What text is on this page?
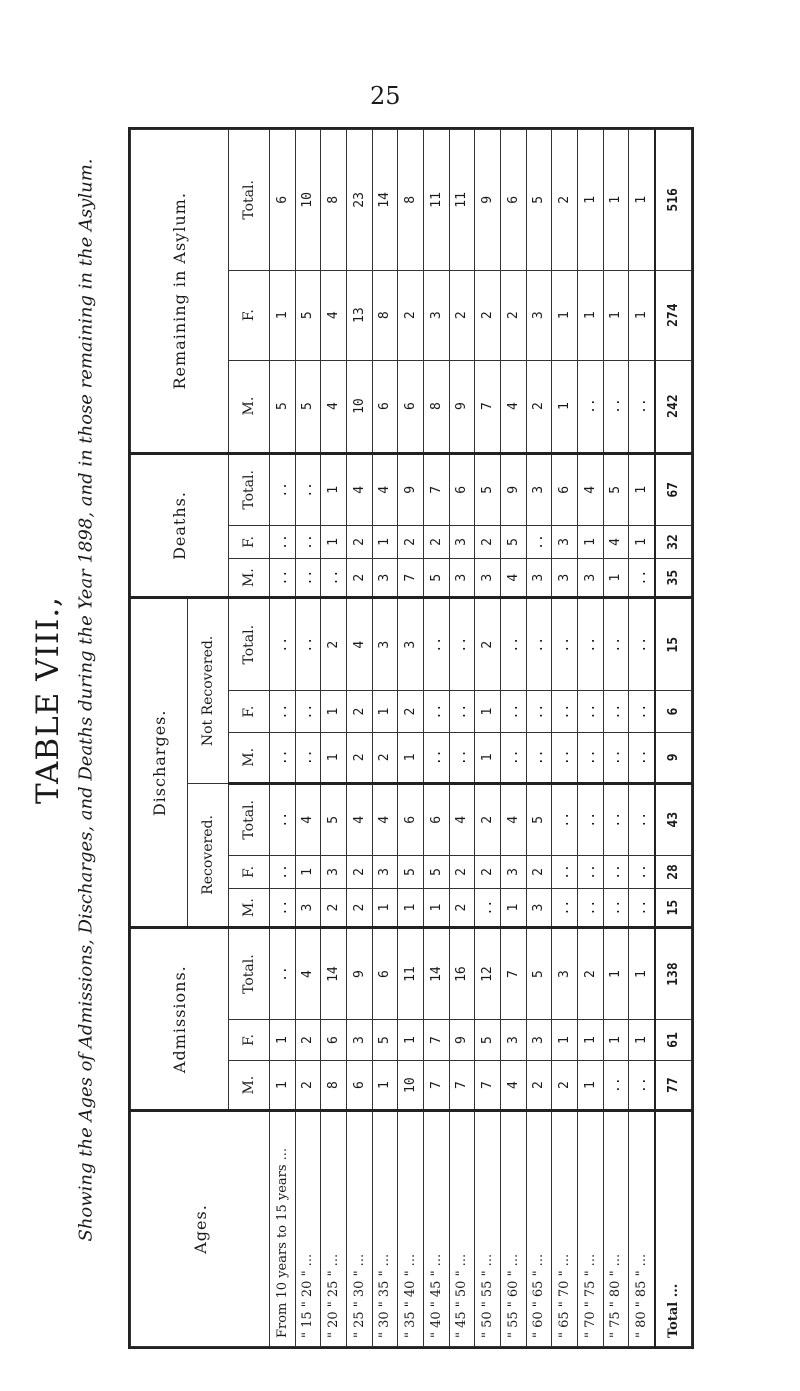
25
TABLE VIII., Showing the Ages of Admissions, Discharges, and Deaths during the Year 1898, and in those remaining in the Asylum.	Ages.	Admissions.			Discharges.						Deaths.			Remaining in Asylum.		
				Recovered.			Not Recovered.								
	M.	F.	Total.	M.	F.	Total.	M.	F.	Total.	M.	F.	Total.	M.	F.	Total.
From 10 years to 15 years ...	1	1	..	..	..	..	..	..	..	..	..	..	5	1	6
" 15 " 20 " ...	2	2	4	3	1	4	..	..	..	..	..	..	5	5	10
" 20 " 25 " ...	8	6	14	2	3	5	1	1	2	..	1	1	4	4	8
" 25 " 30 " ...	6	3	9	2	2	4	2	2	4	2	2	4	10	13	23
" 30 " 35 " ...	1	5	6	1	3	4	2	1	3	3	1	4	6	8	14
" 35 " 40 " ...	10	1	11	1	5	6	1	2	3	7	2	9	6	2	8
" 40 " 45 " ...	7	7	14	1	5	6	..	..	..	5	2	7	8	3	11
" 45 " 50 " ...	7	9	16	2	2	4	..	..	..	3	3	6	9	2	11
" 50 " 55 " ...	7	5	12	..	2	2	1	1	2	3	2	5	7	2	9
" 55 " 60 " ...	4	3	7	1	3	4	..	..	..	4	5	9	4	2	6
" 60 " 65 " ...	2	3	5	3	2	5	..	..	..	3	..	3	2	3	5
" 65 " 70 " ...	2	1	3	..	..	..	..	..	..	3	3	6	1	1	2
" 70 " 75 " ...	1	1	2	..	..	..	..	..	..	3	1	4	..	1	1
" 75 " 80 " ...	..	1	1	..	..	..	..	..	..	1	4	5	..	1	1
" 80 " 85 " ...	..	1	1	..	..	..	..	..	..	..	1	1	..	1	1
Total ...	77	61	138	15	28	43	9	6	15	35	32	67	242	274	516
